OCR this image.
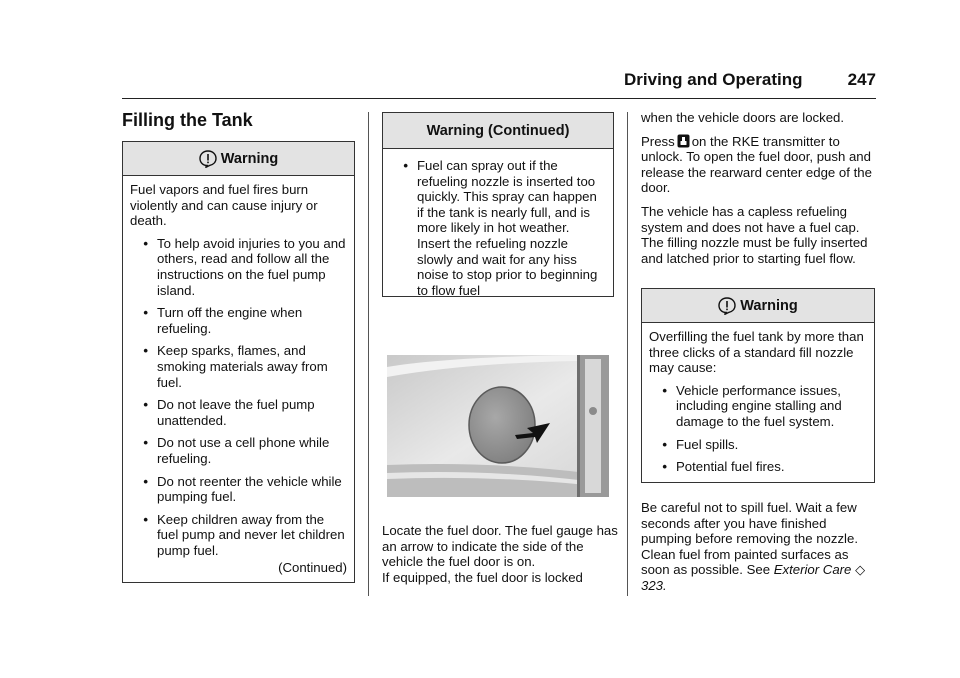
Driving and Operating	247
Filling the Tank
Warning
Fuel vapors and fuel fires burn violently and can cause injury or death.
• To help avoid injuries to you and others, read and follow all the instructions on the fuel pump island.
• Turn off the engine when refueling.
• Keep sparks, flames, and smoking materials away from fuel.
• Do not leave the fuel pump unattended.
• Do not use a cell phone while refueling.
• Do not reenter the vehicle while pumping fuel.
• Keep children away from the fuel pump and never let children pump fuel.
(Continued)
Warning (Continued)
• Fuel can spray out if the refueling nozzle is inserted too quickly. This spray can happen if the tank is nearly full, and is more likely in hot weather. Insert the refueling nozzle slowly and wait for any hiss noise to stop prior to beginning to flow fuel
Locate the fuel door. The fuel gauge has an arrow to indicate the side of the vehicle the fuel door is on.
If equipped, the fuel door is locked

when the vehicle doors are locked.

Press on the RKE transmitter to unlock. To open the fuel door, push and release the rearward center edge of the door.

The vehicle has a capless refueling system and does not have a fuel cap. The filling nozzle must be fully inserted and latched prior to starting fuel flow.

Warning
Overfilling the fuel tank by more than three clicks of a standard fill nozzle may cause:
• Vehicle performance issues, including engine stalling and damage to the fuel system.
• Fuel spills.
• Potential fuel fires.
Be careful not to spill fuel. Wait a few seconds after you have finished pumping before removing the nozzle. Clean fuel from painted surfaces as soon as possible. See Exterior Care ◇ 323.
